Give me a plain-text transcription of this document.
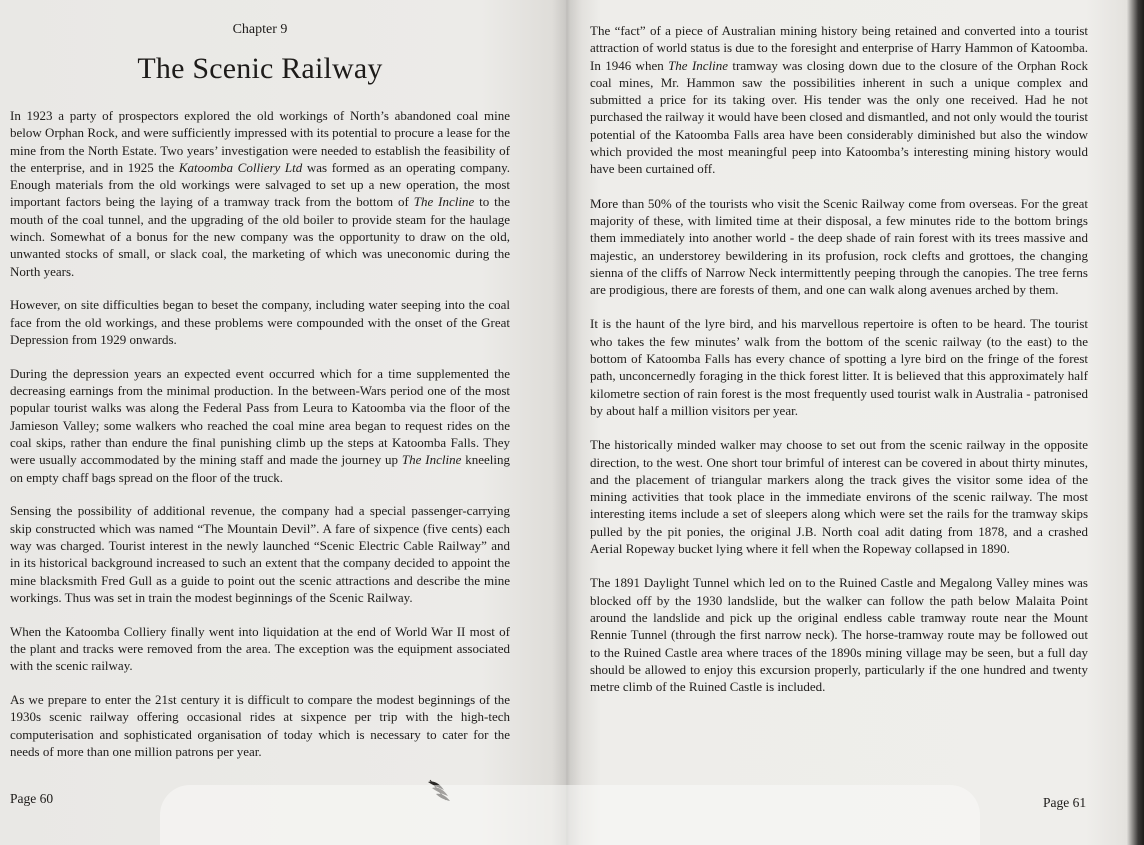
Chapter 9
The Scenic Railway

In 1923 a party of prospectors explored the old workings of North’s abandoned coal mine below Orphan Rock, and were sufficiently impressed with its potential to procure a lease for the mine from the North Estate. Two years’ investigation were needed to establish the feasibility of the enterprise, and in 1925 the Katoomba Colliery Ltd was formed as an operating company. Enough materials from the old workings were salvaged to set up a new operation, the most important factors being the laying of a tramway track from the bottom of The Incline to the mouth of the coal tunnel, and the upgrading of the old boiler to provide steam for the haulage winch. Somewhat of a bonus for the new company was the opportunity to draw on the old, unwanted stocks of small, or slack coal, the marketing of which was uneconomic during the North years.

However, on site difficulties began to beset the company, including water seeping into the coal face from the old workings, and these problems were compounded with the onset of the Great Depression from 1929 onwards.

During the depression years an expected event occurred which for a time supplemented the decreasing earnings from the minimal production. In the between-Wars period one of the most popular tourist walks was along the Federal Pass from Leura to Katoomba via the floor of the Jamieson Valley; some walkers who reached the coal mine area began to request rides on the coal skips, rather than endure the final punishing climb up the steps at Katoomba Falls. They were usually accommodated by the mining staff and made the journey up The Incline kneeling on empty chaff bags spread on the floor of the truck.

Sensing the possibility of additional revenue, the company had a special passenger-carrying skip constructed which was named “The Mountain Devil”. A fare of sixpence (five cents) each way was charged. Tourist interest in the newly launched “Scenic Electric Cable Railway” and in its historical background increased to such an extent that the company decided to appoint the mine blacksmith Fred Gull as a guide to point out the scenic attractions and describe the mine workings. Thus was set in train the modest beginnings of the Scenic Railway.

When the Katoomba Colliery finally went into liquidation at the end of World War II most of the plant and tracks were removed from the area. The exception was the equipment associated with the scenic railway.

As we prepare to enter the 21st century it is difficult to compare the modest beginnings of the 1930s scenic railway offering occasional rides at sixpence per trip with the high-tech computerisation and sophisticated organisation of today which is necessary to cater for the needs of more than one million patrons per year.

Page 60

The “fact” of a piece of Australian mining history being retained and converted into a tourist attraction of world status is due to the foresight and enterprise of Harry Hammon of Katoomba. In 1946 when The Incline tramway was closing down due to the closure of the Orphan Rock coal mines, Mr. Hammon saw the possibilities inherent in such a unique complex and submitted a price for its taking over. His tender was the only one received. Had he not purchased the railway it would have been closed and dismantled, and not only would the tourist potential of the Katoomba Falls area have been considerably diminished but also the window which provided the most meaningful peep into Katoomba’s interesting mining history would have been curtained off.

More than 50% of the tourists who visit the Scenic Railway come from overseas. For the great majority of these, with limited time at their disposal, a few minutes ride to the bottom brings them immediately into another world - the deep shade of rain forest with its trees massive and majestic, an understorey bewildering in its profusion, rock clefts and grottoes, the changing sienna of the cliffs of Narrow Neck intermittently peeping through the canopies. The tree ferns are prodigious, there are forests of them, and one can walk along avenues arched by them.

It is the haunt of the lyre bird, and his marvellous repertoire is often to be heard. The tourist who takes the few minutes’ walk from the bottom of the scenic railway (to the east) to the bottom of Katoomba Falls has every chance of spotting a lyre bird on the fringe of the forest path, unconcernedly foraging in the thick forest litter. It is believed that this approximately half kilometre section of rain forest is the most frequently used tourist walk in Australia - patronised by about half a million visitors per year.

The historically minded walker may choose to set out from the scenic railway in the opposite direction, to the west. One short tour brimful of interest can be covered in about thirty minutes, and the placement of triangular markers along the track gives the visitor some idea of the mining activities that took place in the immediate environs of the scenic railway. The most interesting items include a set of sleepers along which were set the rails for the tramway skips pulled by the pit ponies, the original J.B. North coal adit dating from 1878, and a crashed Aerial Ropeway bucket lying where it fell when the Ropeway collapsed in 1890.

The 1891 Daylight Tunnel which led on to the Ruined Castle and Megalong Valley mines was blocked off by the 1930 landslide, but the walker can follow the path below Malaita Point around the landslide and pick up the original endless cable tramway route near the Mount Rennie Tunnel (through the first narrow neck). The horse-tramway route may be followed out to the Ruined Castle area where traces of the 1890s mining village may be seen, but a full day should be allowed to enjoy this excursion properly, particularly if the one hundred and twenty metre climb of the Ruined Castle is included.

Page 61
